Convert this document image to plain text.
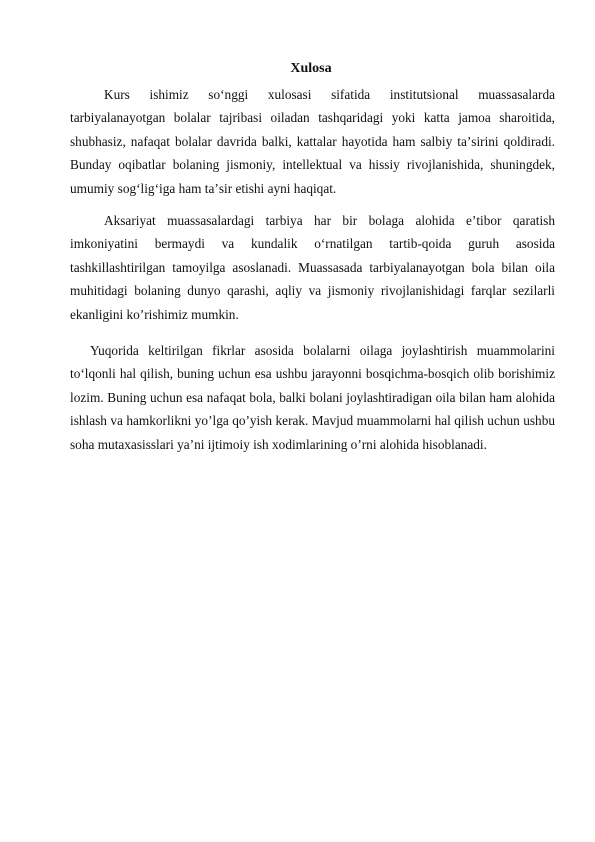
Xulosa

Kurs ishimiz soʻnggi xulosasi sifatida institutsional muassasalarda tarbiyalanayotgan bolalar tajribasi oiladan tashqaridagi yoki katta jamoa sharoitida, shubhasiz, nafaqat bolalar davrida balki, kattalar hayotida ham salbiy taʼsirini qoldiradi. Bunday oqibatlar bolaning jismoniy, intellektual va hissiy rivojlanishida, shuningdek, umumiy sogʻligʻiga ham taʼsir etishi ayni haqiqat.

Aksariyat muassasalardagi tarbiya har bir bolaga alohida eʼtibor qaratish imkoniyatini bermaydi va kundalik oʻrnatilgan tartib-qoida guruh asosida tashkillashtirilgan tamoyilga asoslanadi. Muassasada tarbiyalanayotgan bola bilan oila muhitidagi bolaning dunyo qarashi, aqliy va jismoniy rivojlanishidagi farqlar sezilarli ekanligini ko’rishimiz mumkin.

Yuqorida keltirilgan fikrlar asosida bolalarni oilaga joylashtirish muammolarini toʻlqonli hal qilish, buning uchun esa ushbu jarayonni bosqichma-bosqich olib borishimiz lozim. Buning uchun esa nafaqat bola, balki bolani joylashtiradigan oila bilan ham alohida ishlash va hamkorlikni yo’lga qo’yish kerak. Mavjud muammolarni hal qilish uchun ushbu soha mutaxasisslari ya’ni ijtimoiy ish xodimlarining o’rni alohida hisoblanadi.
